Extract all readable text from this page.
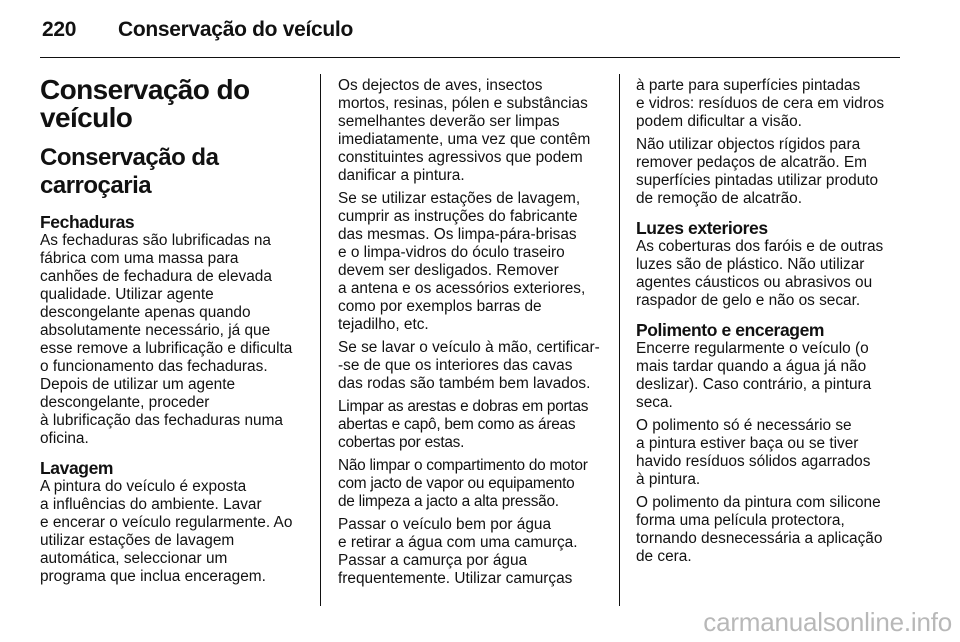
220 Conservação do veículo
Conservação do
veículo
Conservação da
carroçaria
Fechaduras

As fechaduras são lubrificadas na
fábrica com uma massa para
canhões de fechadura de elevada
qualidade. Utilizar agente
descongelante apenas quando
absolutamente necessário, já que
esse remove a lubrificação e dificulta
o funcionamento das fechaduras.
Depois de utilizar um agente
descongelante, proceder
à lubrificação das fechaduras numa
oficina.

Lavagem

A pintura do veículo é exposta
a influências do ambiente. Lavar
e encerar o veículo regularmente. Ao
utilizar estações de lavagem
automática, seleccionar um
programa que inclua enceragem.

Os dejectos de aves, insectos
mortos, resinas, pólen e substâncias
semelhantes deverão ser limpas
imediatamente, uma vez que contêm
constituintes agressivos que podem
danificar a pintura.

Se se utilizar estações de lavagem,
cumprir as instruções do fabricante
das mesmas. Os limpa-pára-brisas
e o limpa-vidros do óculo traseiro
devem ser desligados. Remover
a antena e os acessórios exteriores,
como por exemplos barras de
tejadilho, etc.

Se se lavar o veículo à mão, certificar-
-se de que os interiores das cavas
das rodas são também bem lavados.

Limpar as arestas e dobras em portas
abertas e capô, bem como as áreas
cobertas por estas.

Não limpar o compartimento do motor
com jacto de vapor ou equipamento
de limpeza a jacto a alta pressão.

Passar o veículo bem por água
e retirar a água com uma camurça.
Passar a camurça por água
frequentemente. Utilizar camurças

à parte para superfícies pintadas
e vidros: resíduos de cera em vidros
podem dificultar a visão.

Não utilizar objectos rígidos para
remover pedaços de alcatrão. Em
superfícies pintadas utilizar produto
de remoção de alcatrão.

Luzes exteriores

As coberturas dos faróis e de outras
luzes são de plástico. Não utilizar
agentes cáusticos ou abrasivos ou
raspador de gelo e não os secar.

Polimento e enceragem

Encerre regularmente o veículo (o
mais tardar quando a água já não
deslizar). Caso contrário, a pintura
seca.

O polimento só é necessário se
a pintura estiver baça ou se tiver
havido resíduos sólidos agarrados
à pintura.

O polimento da pintura com silicone
forma uma película protectora,
tornando desnecessária a aplicação
de cera.

carmanualsonline.info
